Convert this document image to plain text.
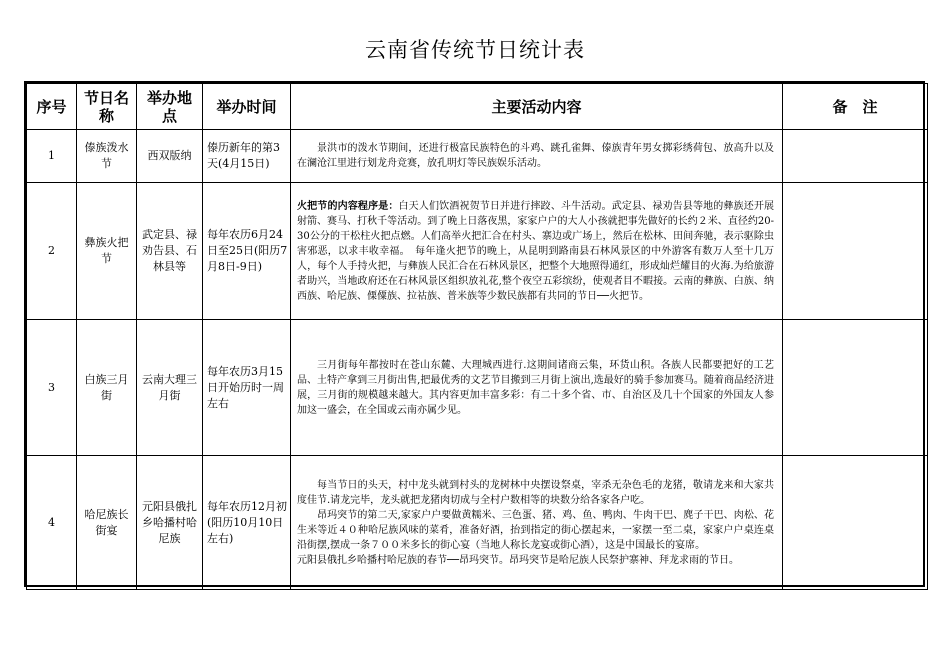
云南省传统节日统计表
序号	节日名称	举办地点	举办时间	主要活动内容	备　注
1	傣族泼水节	西双版纳	傣历新年的第3天(4月15日)	景洪市的泼水节期间，还进行极富民族特色的斗鸡、跳孔雀舞、傣族青年男女掷彩绣荷包、放高升以及在澜沧江里进行划龙舟竞赛，放孔明灯等民族娱乐活动。	

2	彝族火把节	武定县、禄劝告县、石林县等	每年农历6月24日至25日(阳历7月8日-9日)	火把节的内容程序是：白天人们饮酒祝贺节日并进行摔跤、斗牛活动。武定县、禄劝告县等地的彝族还开展射箭、赛马、打秋千等活动。到了晚上日落夜黑，家家户户的大人小孩就把事先做好的长约２米、直径约20-30公分的干松柱火把点燃。人们高举火把汇合在村头、寨边或广场上，然后在松林、田间奔驰，表示驱除虫害邪恶，以求丰收幸福。　每年逢火把节的晚上，从昆明到路南县石林风景区的中外游客有数万人至十几万人，每个人手持火把，与彝族人民汇合在石林风景区，把整个大地照得通红，形成灿烂耀目的火海.为给旅游者助兴，当地政府还在石林风景区组织放礼花,整个夜空五彩缤纷，使观者目不暇接。云南的彝族、白族、纳西族、哈尼族、傈僳族、拉祜族、普米族等少数民族都有共同的节日──火把节。	

3	白族三月街	云南大理三月街	每年农历3月15日开始历时一周左右	三月街每年都按时在苍山东麓、大理城西进行.这期间诸商云集，环货山积。各族人民都要把好的工艺品、土特产拿到三月街出售,把最优秀的文艺节目搬到三月街上演出,选最好的骑手参加赛马。随着商品经济进展，三月街的规模越来越大。其内容更加丰富多彩：有二十多个省、市、自治区及几十个国家的外国友人参加这一盛会，在全国或云南亦属少见。	

4	哈尼族长街宴	元阳县俄扎乡哈播村哈尼族	每年农历12月初(阳历10月10日左右)	每当节日的头天，村中龙头就到村头的龙树林中央摆设祭桌，宰杀无杂色毛的龙猪，敬请龙来和大家共度佳节.请龙完毕，龙头就把龙猪肉切成与全村户数相等的块数分给各家各户吃。

昂玛突节的第二天,家家户户要做黄糯米、三色蛋、猪、鸡、鱼、鸭肉、牛肉干巴、麂子干巴、肉松、花生米等近４０种哈尼族风味的菜肴，准备好酒，抬到指定的街心摆起来，一家摆一至二桌，家家户户桌连桌沿街摆,摆成一条７００米多长的街心宴（当地人称长龙宴或街心酒），这是中国最长的宴席。

元阳县俄扎乡哈播村哈尼族的春节──昂玛突节。昂玛突节是哈尼族人民祭护寨神、拜龙求雨的节日。	
